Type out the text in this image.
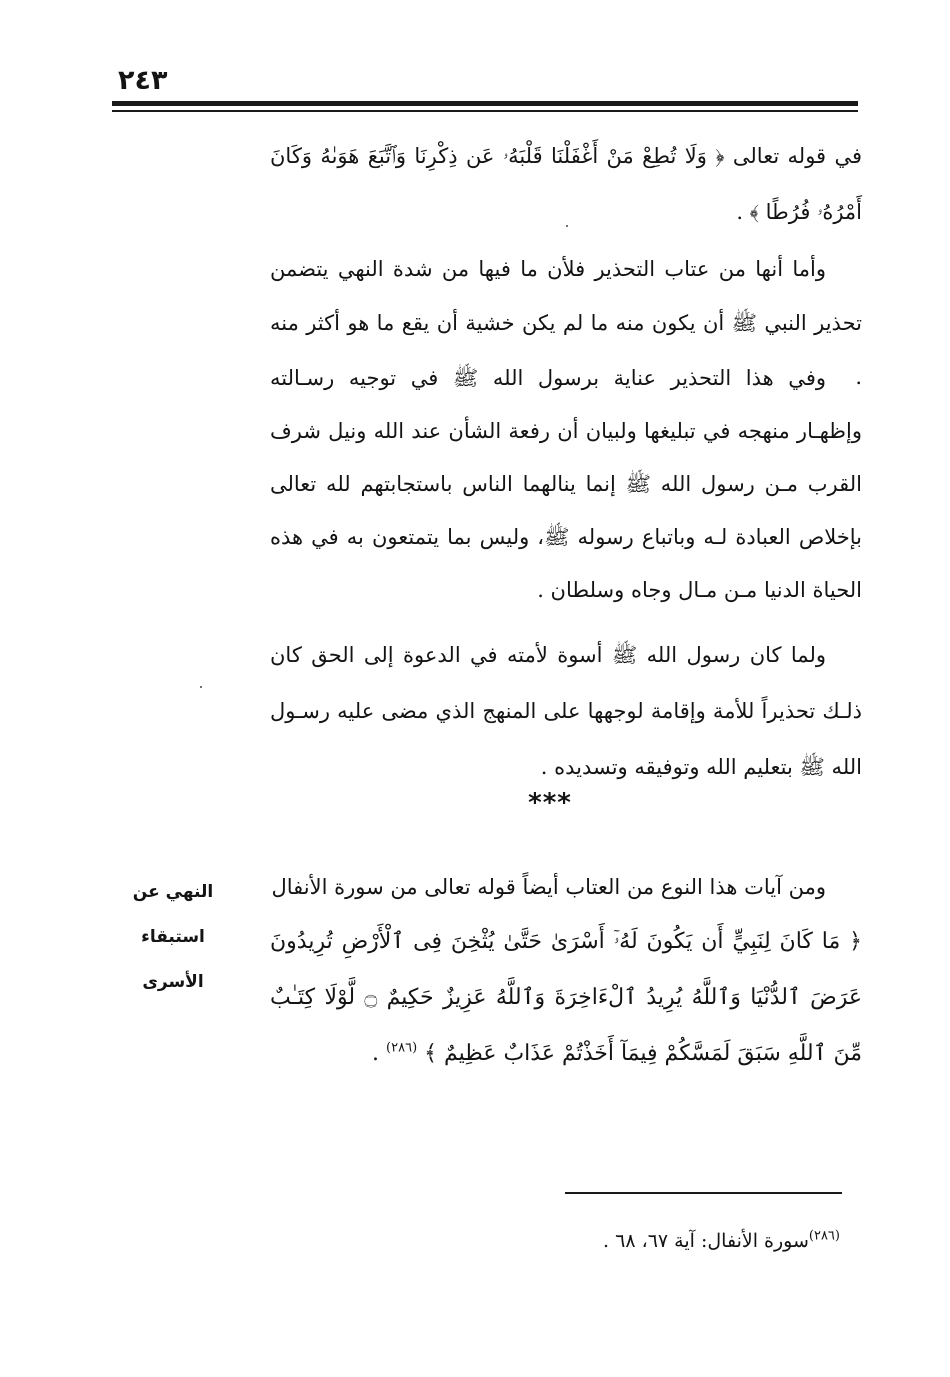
٢٤٣

في قوله تعالى ﴿ وَلَا تُطِعْ مَنْ أَغْفَلْنَا قَلْبَهُۥ عَن ذِكْرِنَا وَٱتَّبَعَ هَوَىٰهُ وَكَانَ أَمْرُهُۥ فُرُطًا ﴾ .

وأما أنها من عتاب التحذير فلأن ما فيها من شدة النهي يتضمن تحذير النبي ﷺ أن يكون منه ما لم يكن خشية أن يقع ما هو أكثر منه .

وفي هذا التحذير عناية برسول الله ﷺ في توجيه رسـالته وإظهـار منهجه في تبليغها ولبيان أن رفعة الشأن عند الله ونيل شرف القرب مـن رسول الله ﷺ إنما ينالهما الناس باستجابتهم لله تعالى بإخلاص العبادة لـه وباتباع رسوله ﷺ، وليس بما يتمتعون به في هذه الحياة الدنيا مـن مـال وجاه وسلطان .

ولما كان رسول الله ﷺ أسوة لأمته في الدعوة إلى الحق كان ذلـك تحذيراً للأمة وإقامة لوجهها على المنهج الذي مضى عليه رسـول الله ﷺ بتعليم الله وتوفيقه وتسديده .

***

ومن آيات هذا النوع من العتاب أيضاً قوله تعالى من سورة الأنفال

﴿ مَا كَانَ لِنَبِيٍّ أَن يَكُونَ لَهُۥٓ أَسْرَىٰ حَتَّىٰ يُثْخِنَ فِى ٱلْأَرْضِ تُرِيدُونَ عَرَضَ ٱلدُّنْيَا وَٱللَّهُ يُرِيدُ ٱلْءَاخِرَةَ وَٱللَّهُ عَزِيزٌ حَكِيمٌ ۝ لَّوْلَا كِتَـٰبٌ مِّنَ ٱللَّهِ سَبَقَ لَمَسَّكُمْ فِيمَآ أَخَذْتُمْ عَذَابٌ عَظِيمٌ ﴾ $^{(٢٨٦)}$ .

النهي عن
استبقاء
الأسرى
$^{(٢٨٦)}$سورة الأنفال: آية ٦٧، ٦٨ .
